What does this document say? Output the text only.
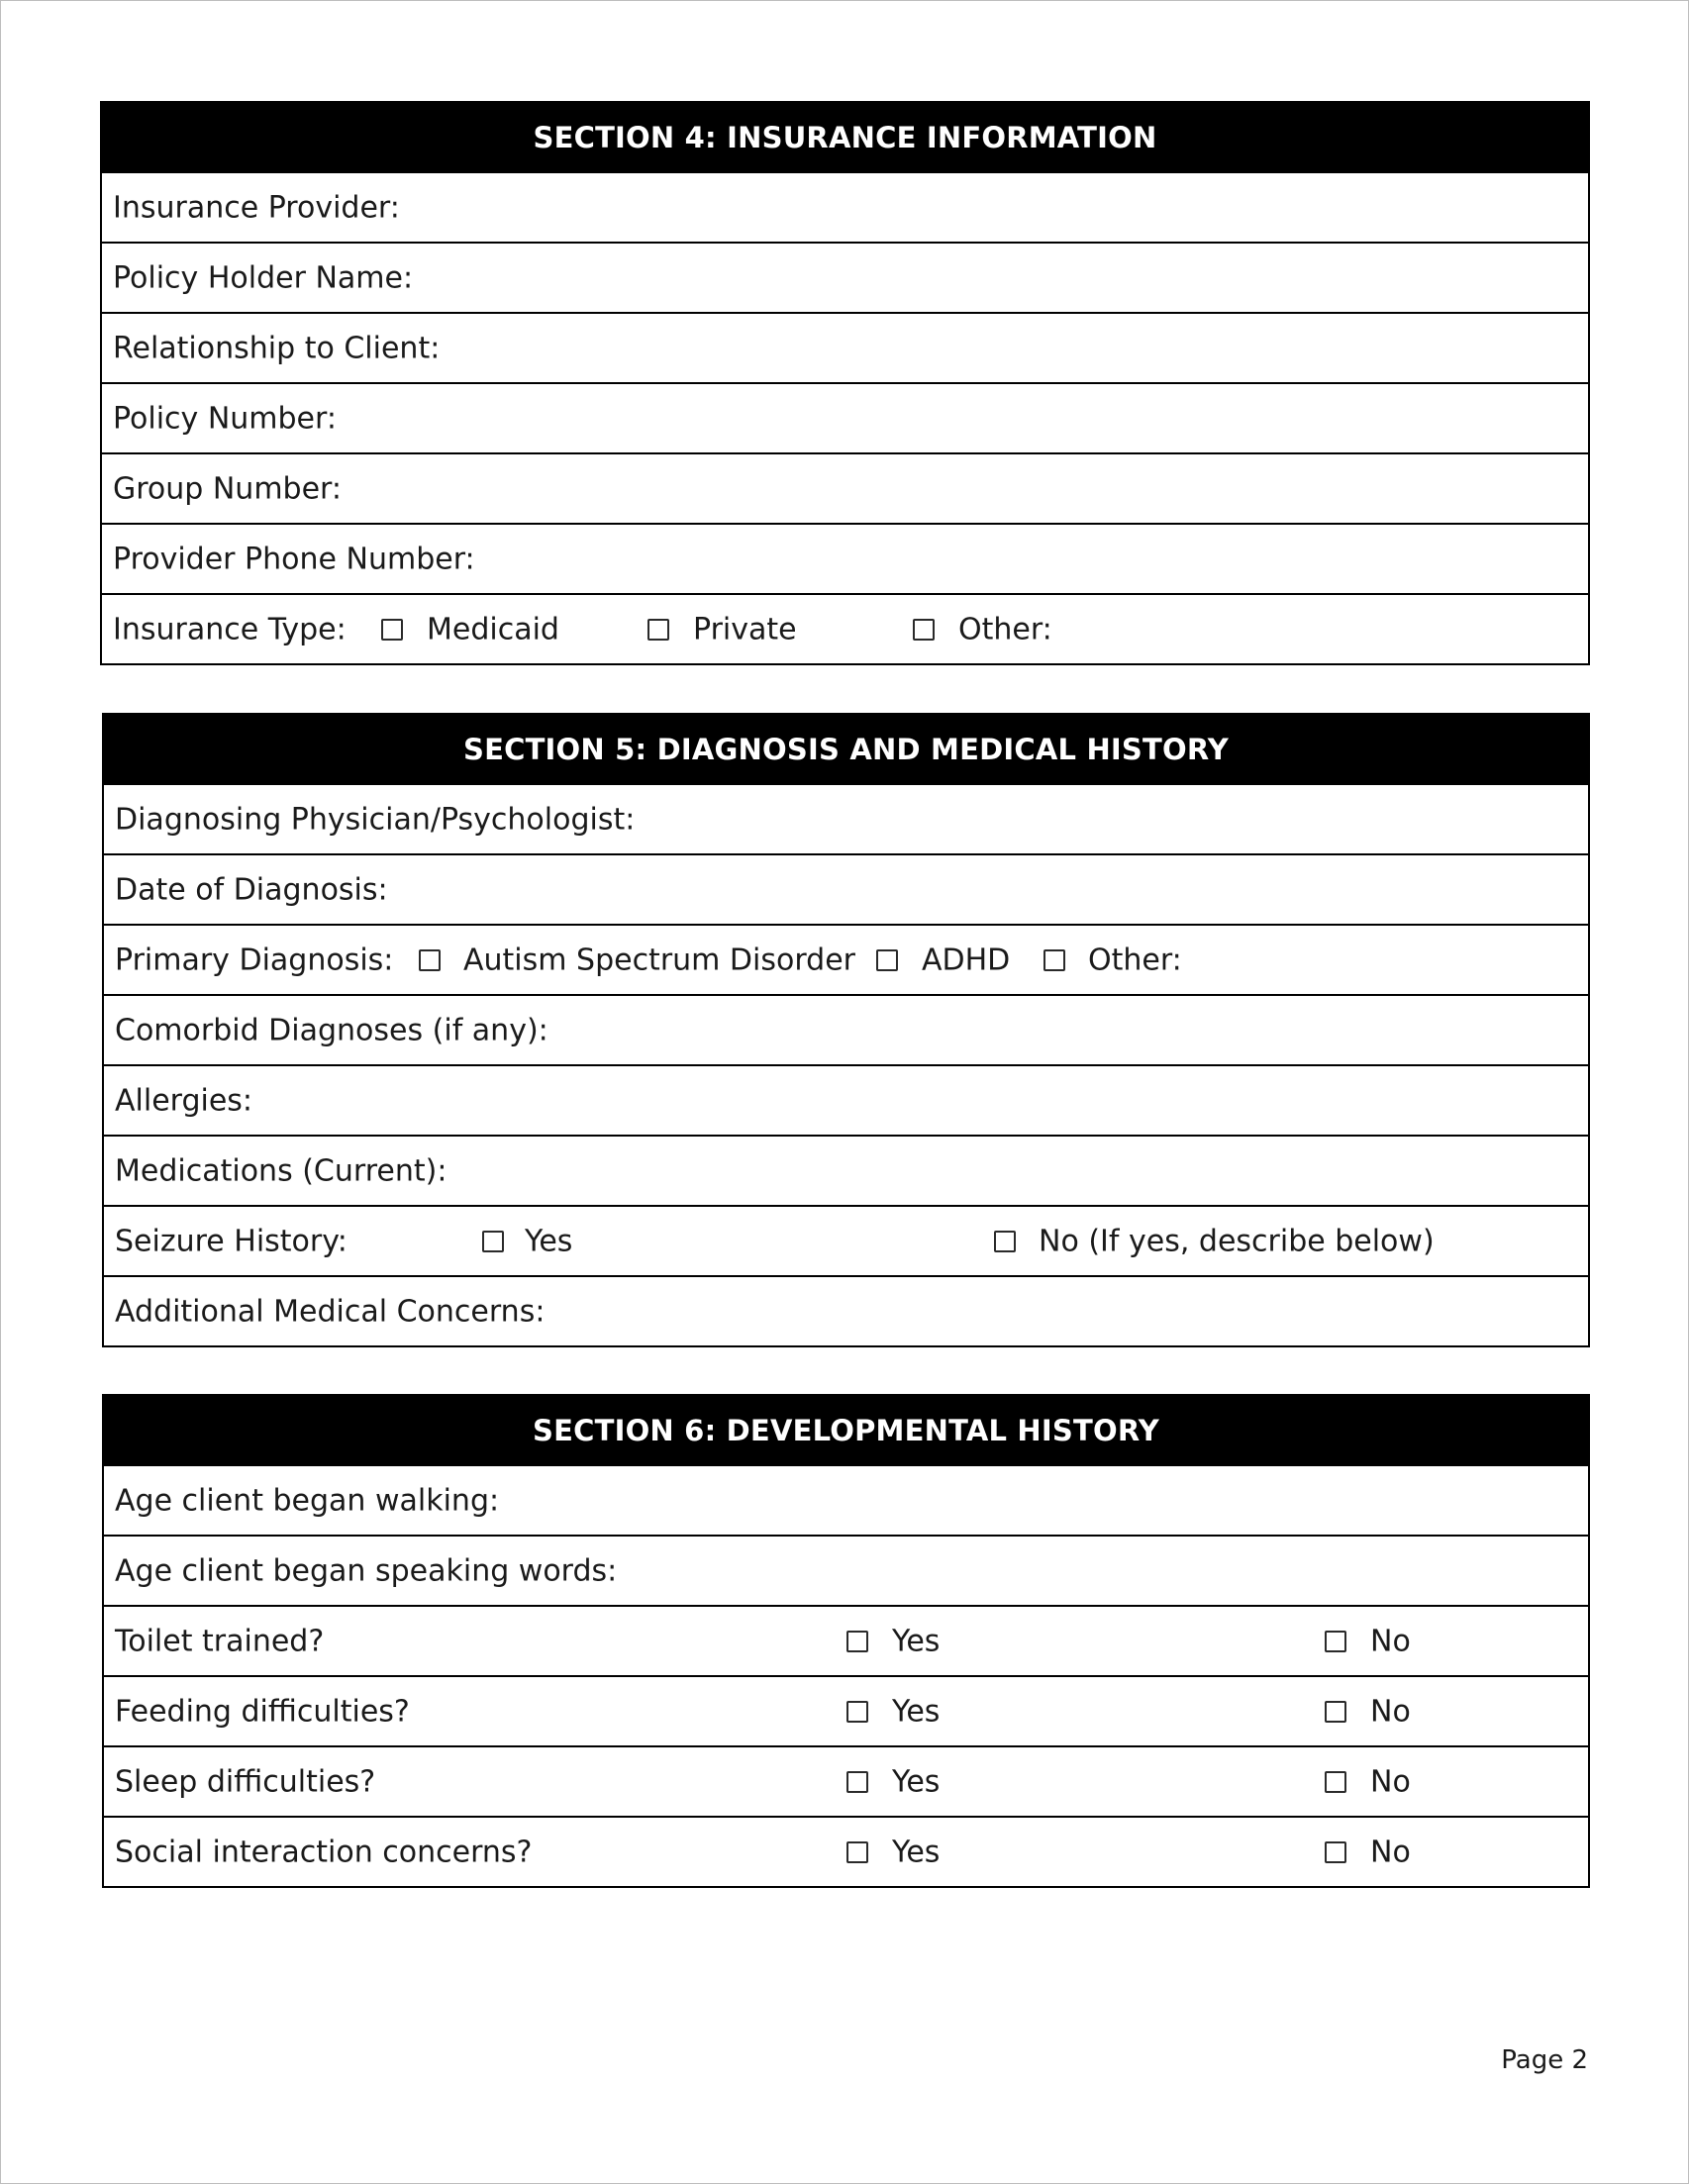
SECTION 4: INSURANCE INFORMATION
Insurance Provider:
Policy Holder Name:
Relationship to Client:
Policy Number:
Group Number:
Provider Phone Number:
Insurance Type:	Medicaid	Private	Other:
SECTION 5: DIAGNOSIS AND MEDICAL HISTORY
Diagnosing Physician/Psychologist:
Date of Diagnosis:
Primary Diagnosis: Autism Spectrum Disorder ADHD	Other:
Comorbid Diagnoses (if any):
Allergies:
Medications (Current):
Seizure History:	Yes	No (If yes, describe below)
Additional Medical Concerns:
SECTION 6: DEVELOPMENTAL HISTORY
Age client began walking:
Age client began speaking words:
Toilet trained?	Yes	No
Feeding difficulties?	Yes	No
Sleep difficulties?	Yes	No
Social interaction concerns?	Yes	No
Page 2
